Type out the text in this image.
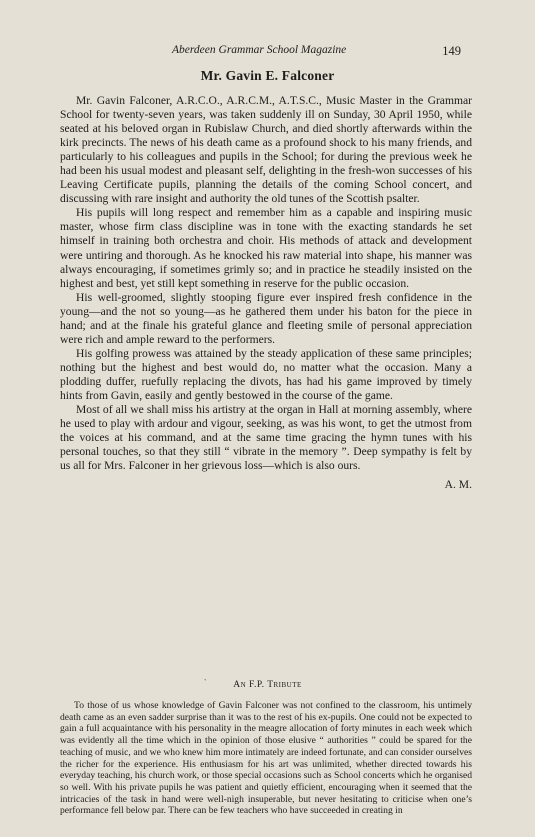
Aberdeen Grammar School Magazine	149
Mr. Gavin E. Falconer

Mr. Gavin Falconer, A.R.C.O., A.R.C.M., A.T.S.C., Music Master in the Grammar School for twenty-seven years, was taken suddenly ill on Sunday, 30 April 1950, while seated at his beloved organ in Rubislaw Church, and died shortly afterwards within the kirk precincts. The news of his death came as a profound shock to his many friends, and particularly to his colleagues and pupils in the School; for during the previous week he had been his usual modest and pleasant self, delighting in the fresh-won successes of his Leaving Certificate pupils, planning the details of the coming School concert, and discussing with rare insight and authority the old tunes of the Scottish psalter.

His pupils will long respect and remember him as a capable and inspiring music master, whose firm class discipline was in tone with the exacting standards he set himself in training both orchestra and choir. His methods of attack and development were untiring and thorough. As he knocked his raw material into shape, his manner was always encouraging, if sometimes grimly so; and in practice he steadily insisted on the highest and best, yet still kept something in reserve for the public occasion.

His well-groomed, slightly stooping figure ever inspired fresh confidence in the young—and the not so young—as he gathered them under his baton for the piece in hand; and at the finale his grateful glance and fleeting smile of personal appreciation were rich and ample reward to the performers.

His golfing prowess was attained by the steady application of these same principles; nothing but the highest and best would do, no matter what the occasion. Many a plodding duffer, ruefully replacing the divots, has had his game improved by timely hints from Gavin, easily and gently bestowed in the course of the game.

Most of all we shall miss his artistry at the organ in Hall at morning assembly, where he used to play with ardour and vigour, seeking, as was his wont, to get the utmost from the voices at his command, and at the same time gracing the hymn tunes with his personal touches, so that they still “ vibrate in the memory ”. Deep sympathy is felt by us all for Mrs. Falconer in her grievous loss—which is also ours.

A. M.

`	An F.P. Tribute

To those of us whose knowledge of Gavin Falconer was not confined to the classroom, his untimely death came as an even sadder surprise than it was to the rest of his ex-pupils. One could not be expected to gain a full acquaintance with his personality in the meagre allocation of forty minutes in each week which was evidently all the time which in the opinion of those elusive “ authorities ” could be spared for the teaching of music, and we who knew him more intimately are indeed fortunate, and can consider ourselves the richer for the experience. His enthusiasm for his art was unlimited, whether directed towards his everyday teaching, his church work, or those special occasions such as School concerts which he organised so well. With his private pupils he was patient and quietly efficient, encouraging when it seemed that the intricacies of the task in hand were well-nigh insuperable, but never hesitating to criticise when one’s performance fell below par. There can be few teachers who have succeeded in creating in
